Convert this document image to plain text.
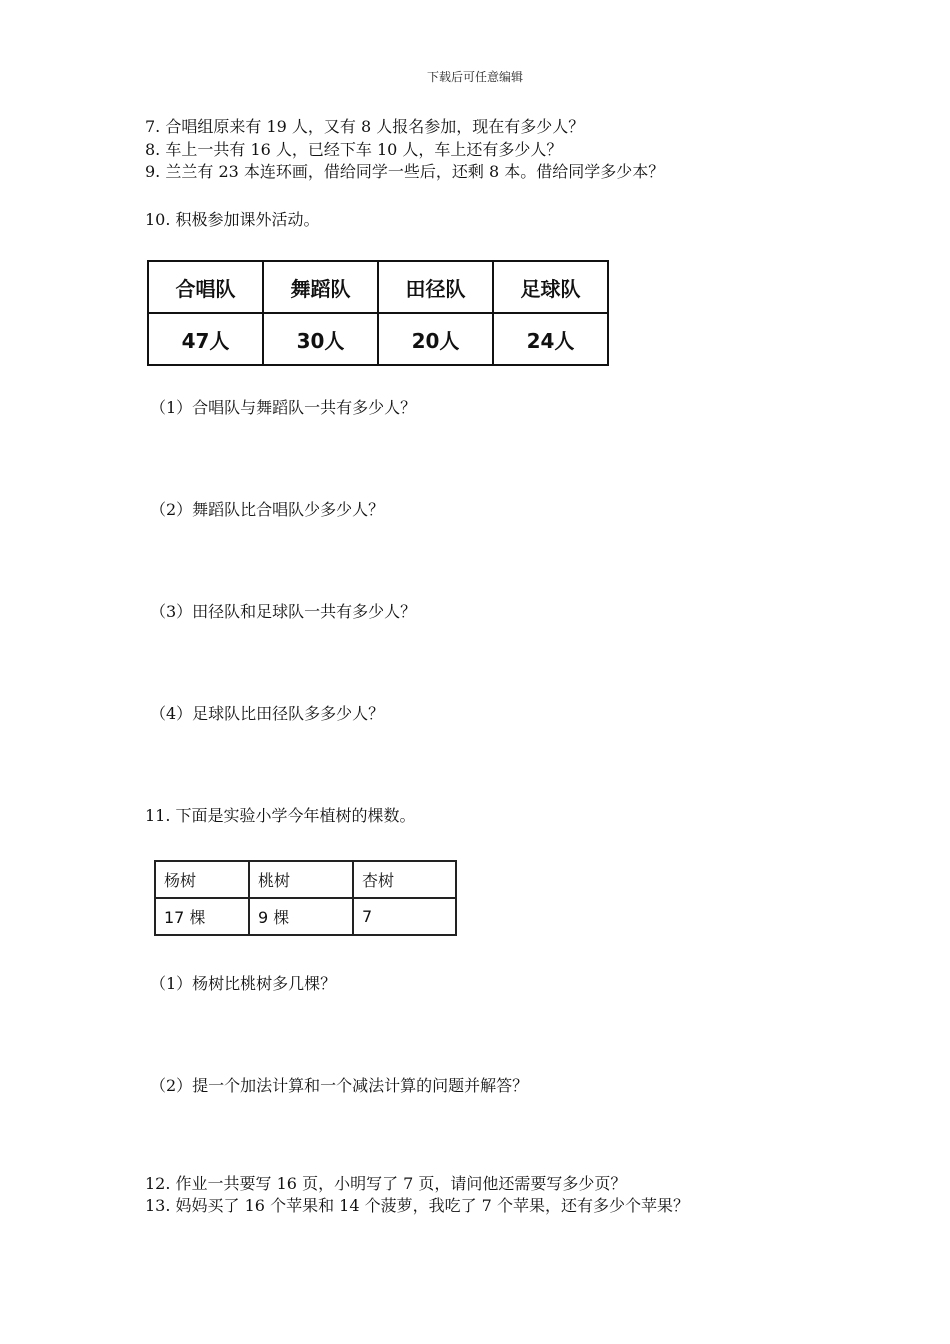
下载后可任意编辑
7. 合唱组原来有 19 人，又有 8 人报名参加，现在有多少人？
8. 车上一共有 16 人，已经下车 10 人，车上还有多少人？
9. 兰兰有 23 本连环画，借给同学一些后，还剩 8 本。借给同学多少本？
10. 积极参加课外活动。
合唱队	舞蹈队	田径队	足球队
47人	30人	20人	24人
（1）合唱队与舞蹈队一共有多少人？
（2）舞蹈队比合唱队少多少人？
（3）田径队和足球队一共有多少人？
（4）足球队比田径队多多少人？
11. 下面是实验小学今年植树的棵数。
杨树	桃树	杏树
17 棵	9 棵	7
（1）杨树比桃树多几棵？
（2）提一个加法计算和一个减法计算的问题并解答？
12. 作业一共要写 16 页，小明写了 7 页，请问他还需要写多少页？
13. 妈妈买了 16 个苹果和 14 个菠萝，我吃了 7 个苹果，还有多少个苹果？
